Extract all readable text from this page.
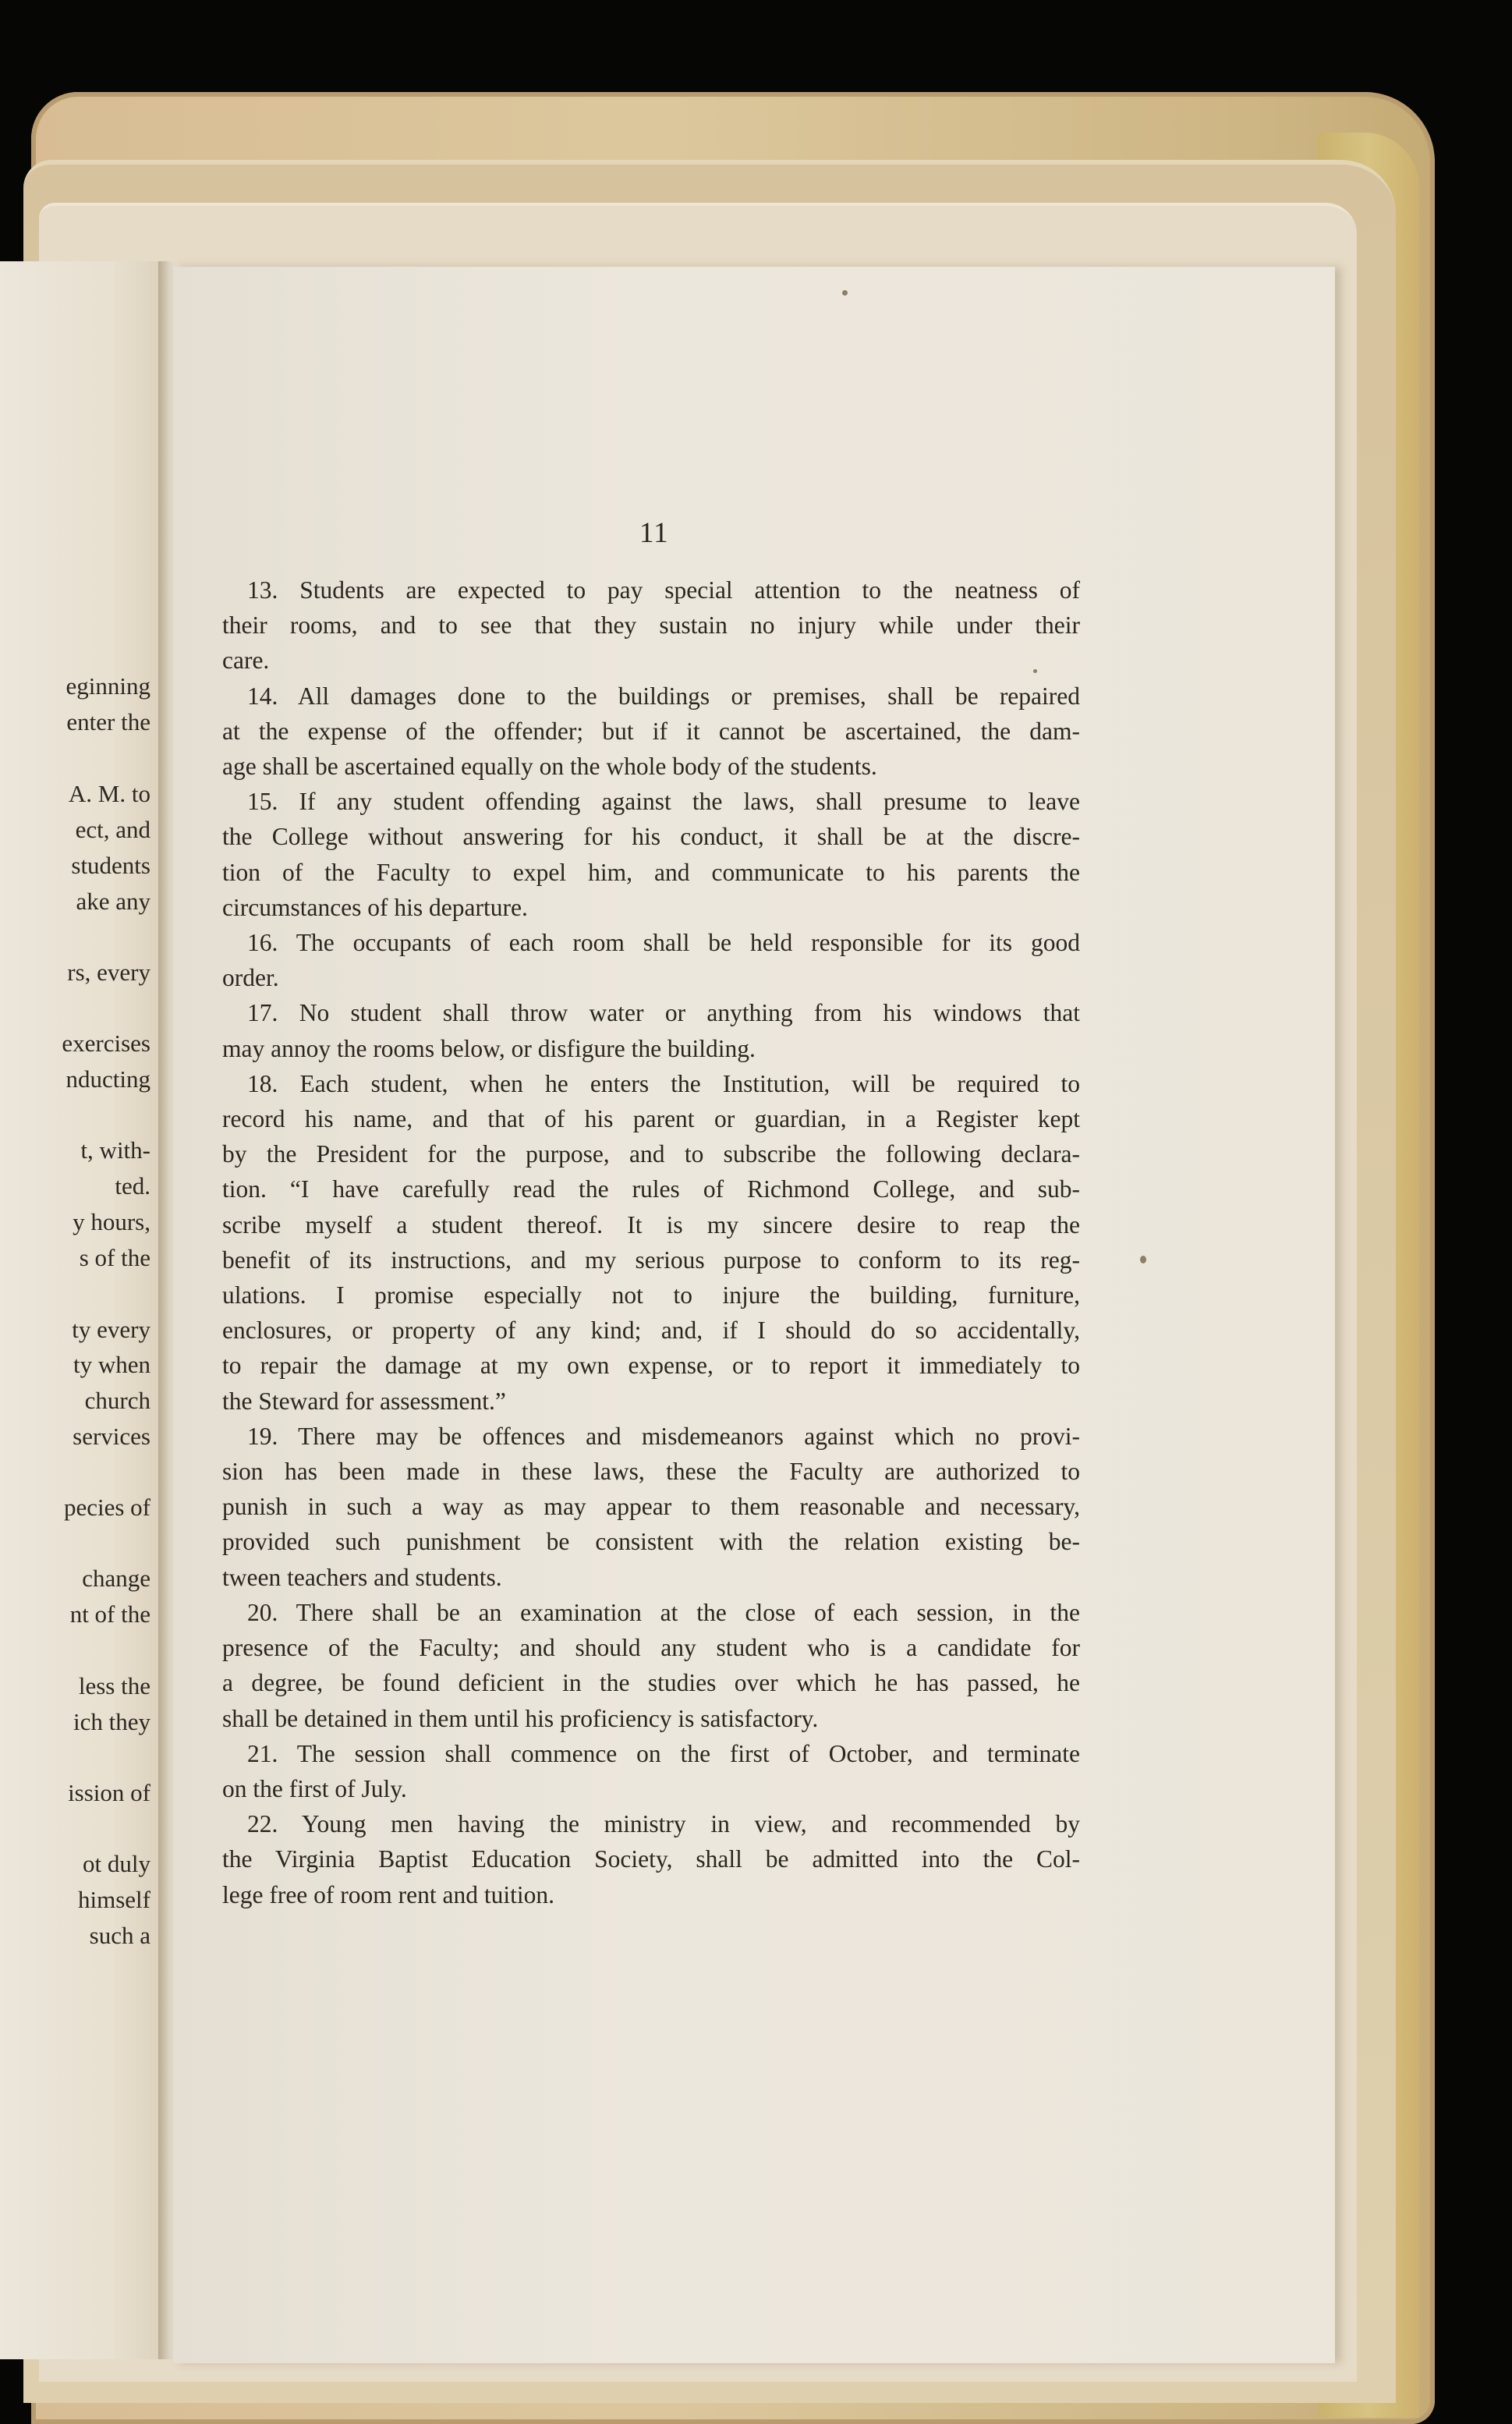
eginning
enter the
A. M. to
ect, and
students
ake any
rs, every
exercises
nducting
t, with-
ted.
y hours,
s of the
ty every
ty when
church
services
pecies of
change
nt of the
less the
ich they
ission of
ot duly
himself
such a
11
13. Students are expected to pay special attention to the neatness of
their rooms, and to see that they sustain no injury while under their
care.
14. All damages done to the buildings or premises, shall be repaired
at the expense of the offender; but if it cannot be ascertained, the dam-
age shall be ascertained equally on the whole body of the students.
15. If any student offending against the laws, shall presume to leave
the College without answering for his conduct, it shall be at the discre-
tion of the Faculty to expel him, and communicate to his parents the
circumstances of his departure.
16. The occupants of each room shall be held responsible for its good
order.
17. No student shall throw water or anything from his windows that
may annoy the rooms below, or disfigure the building.
18. Each student, when he enters the Institution, will be required to
record his name, and that of his parent or guardian, in a Register kept
by the President for the purpose, and to subscribe the following declara-
tion. “I have carefully read the rules of Richmond College, and sub-
scribe myself a student thereof. It is my sincere desire to reap the
benefit of its instructions, and my serious purpose to conform to its reg-
ulations. I promise especially not to injure the building, furniture,
enclosures, or property of any kind; and, if I should do so accidentally,
to repair the damage at my own expense, or to report it immediately to
the Steward for assessment.”
19. There may be offences and misdemeanors against which no provi-
sion has been made in these laws, these the Faculty are authorized to
punish in such a way as may appear to them reasonable and necessary,
provided such punishment be consistent with the relation existing be-
tween teachers and students.
20. There shall be an examination at the close of each session, in the
presence of the Faculty; and should any student who is a candidate for
a degree, be found deficient in the studies over which he has passed, he
shall be detained in them until his proficiency is satisfactory.
21. The session shall commence on the first of October, and terminate
on the first of July.
22. Young men having the ministry in view, and recommended by
the Virginia Baptist Education Society, shall be admitted into the Col-
lege free of room rent and tuition.
